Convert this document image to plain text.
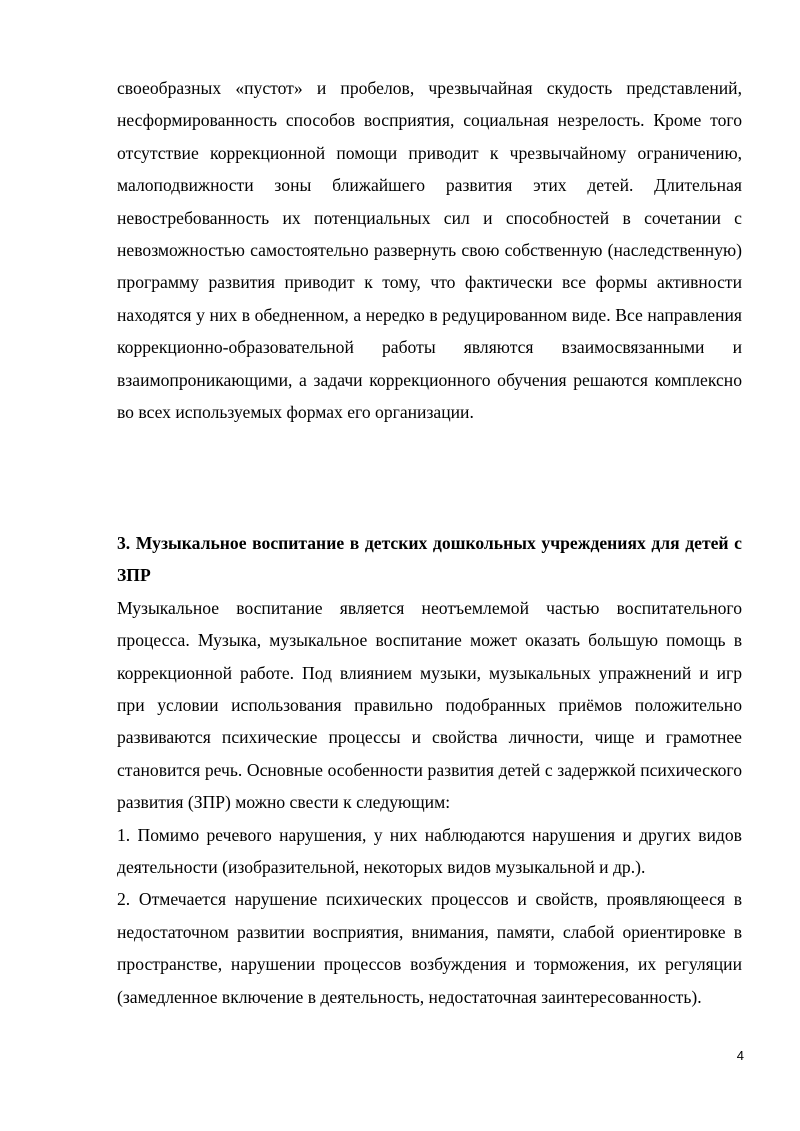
своеобразных «пустот» и пробелов, чрезвычайная скудость представлений, несформированность способов восприятия, социальная незрелость. Кроме того отсутствие коррекционной помощи приводит к чрезвычайному ограничению, малоподвижности зоны ближайшего развития этих детей. Длительная невостребованность их потенциальных сил и способностей в сочетании с невозможностью самостоятельно развернуть свою собственную (наследственную) программу развития приводит к тому, что фактически все формы активности находятся у них в обедненном, а нередко в редуцированном виде. Все направления коррекционно-образовательной работы являются взаимосвязанными и взаимопроникающими, а задачи коррекционного обучения решаются комплексно во всех используемых формах его организации.

3. Музыкальное воспитание в детских дошкольных учреждениях для детей с ЗПР

Музыкальное воспитание является неотъемлемой частью воспитательного процесса. Музыка, музыкальное воспитание может оказать большую помощь в коррекционной работе. Под влиянием музыки, музыкальных упражнений и игр при условии использования правильно подобранных приёмов положительно развиваются психические процессы и свойства личности, чище и грамотнее становится речь. Основные особенности развития детей с задержкой психического развития (ЗПР) можно свести к следующим:

1. Помимо речевого нарушения, у них наблюдаются нарушения и других видов деятельности (изобразительной, некоторых видов музыкальной и др.).

2. Отмечается нарушение психических процессов и свойств, проявляющееся в недостаточном развитии восприятия, внимания, памяти, слабой ориентировке в пространстве, нарушении процессов возбуждения и торможения, их регуляции (замедленное включение в деятельность, недостаточная заинтересованность).

4
